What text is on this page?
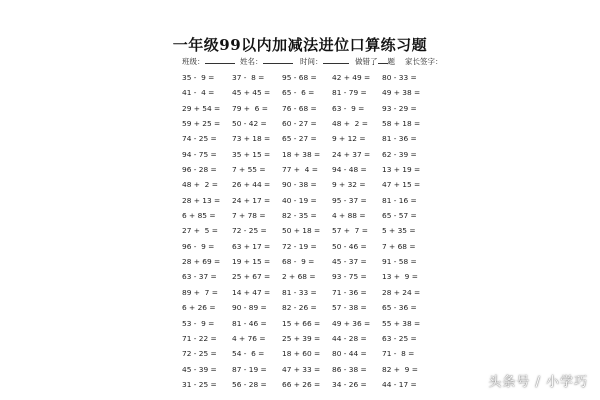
一年级99以内加减法进位口算练习题
班级：	姓名：	时间：	做错了 题 家长签字：
35 -  9 =	37 -  8 =	95 - 68 =	42 + 49 =	80 - 33 =
41 -  4 =	45 + 45 =	65 -  6 =	81 - 79 =	49 + 38 =
29 + 54 =	79 +  6 =	76 - 68 =	63 -  9 =	93 - 29 =
59 + 25 =	50 - 42 =	60 - 27 =	48 +  2 =	58 + 18 =
74 - 25 =	73 + 18 =	65 - 27 =	9 + 12 =	81 - 36 =
94 - 75 =	35 + 15 =	18 + 38 =	24 + 37 =	62 - 39 =
96 - 28 =	7 + 55 =	77 +  4 =	94 - 48 =	13 + 19 =
48 +  2 =	26 + 44 =	90 - 38 =	9 + 32 =	47 + 15 =
28 + 13 =	24 + 17 =	40 - 19 =	95 - 37 =	81 - 16 =
6 + 85 =	7 + 78 =	82 - 35 =	4 + 88 =	65 - 57 =
27 +  5 =	72 - 25 =	50 + 18 =	57 +  7 =	5 + 35 =
96 -  9 =	63 + 17 =	72 - 19 =	50 - 46 =	7 + 68 =
28 + 69 =	19 + 15 =	68 -  9 =	45 - 37 =	91 - 58 =
63 - 37 =	25 + 67 =	2 + 68 =	93 - 75 =	13 +  9 =
89 +  7 =	14 + 47 =	81 - 33 =	71 - 36 =	28 + 24 =
6 + 26 =	90 - 89 =	82 - 26 =	57 - 38 =	65 - 36 =
53 -  9 =	81 - 46 =	15 + 66 =	49 + 36 =	55 + 38 =
71 - 22 =	4 + 76 =	25 + 39 =	44 - 28 =	63 - 25 =
72 - 25 =	54 -  6 =	18 + 60 =	80 - 44 =	71 -  8 =
45 - 39 =	87 - 19 =	47 + 33 =	86 - 38 =	82 +  9 =
31 - 25 =	56 - 28 =	66 + 26 =	34 - 26 =	44 - 17 =	头条号 / 小学巧
